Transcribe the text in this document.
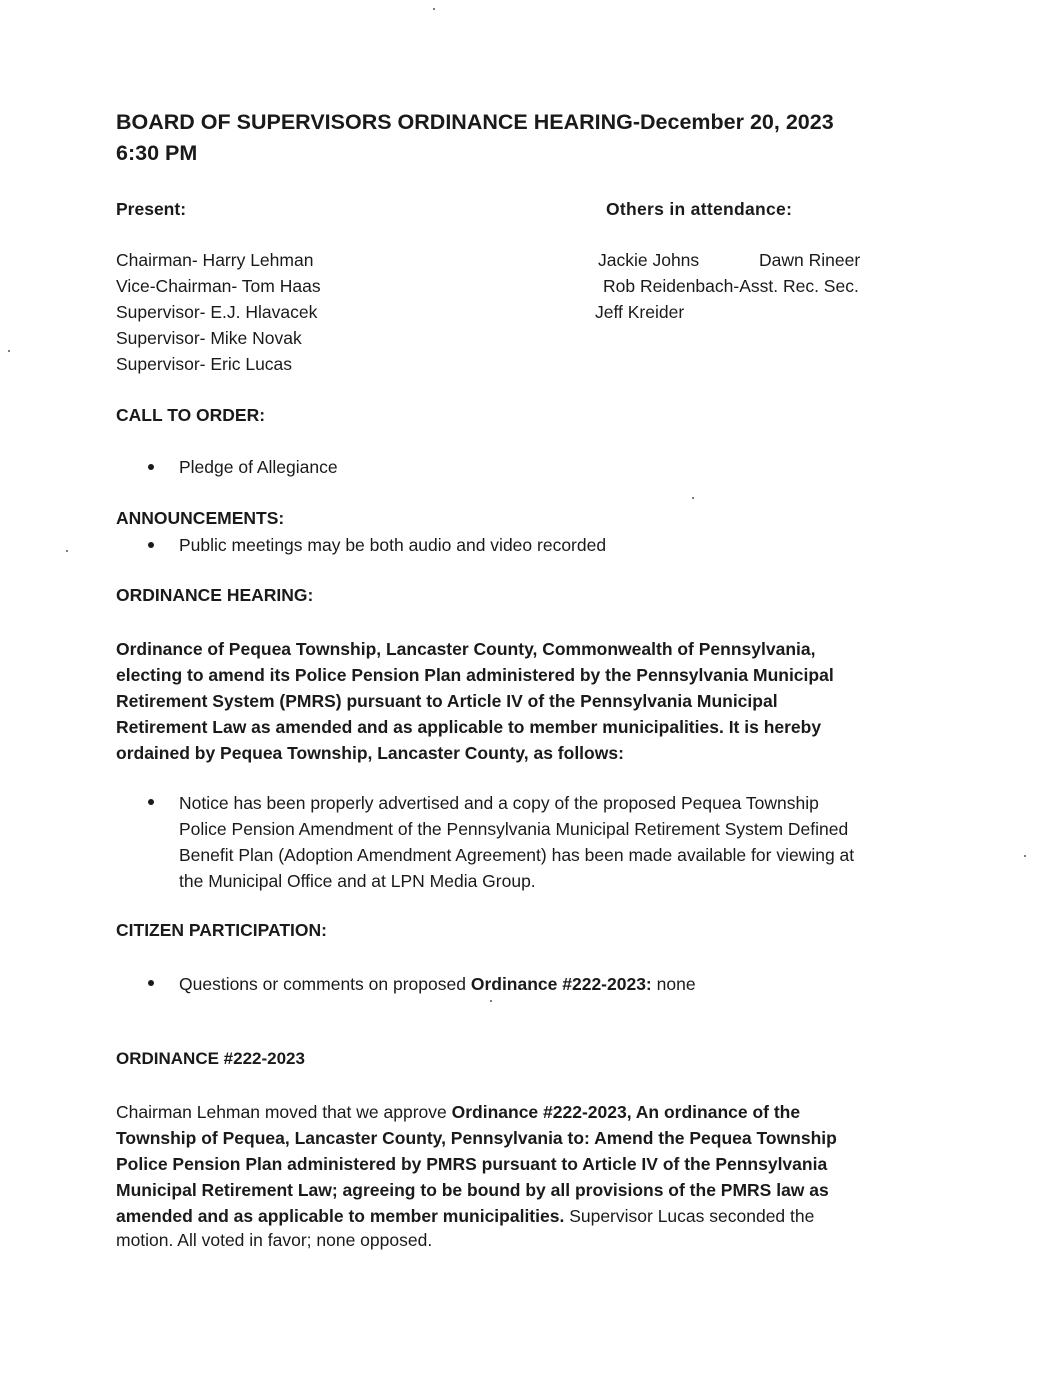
BOARD OF SUPERVISORS ORDINANCE HEARING-December 20, 2023
6:30 PM
Present:
Chairman- Harry Lehman
Vice-Chairman- Tom Haas
Supervisor- E.J. Hlavacek
Supervisor- Mike Novak
Supervisor- Eric Lucas
Others in attendance:
Jackie Johns	Dawn Rineer
Rob Reidenbach-Asst. Rec. Sec.
Jeff Kreider
CALL TO ORDER:
Pledge of Allegiance
ANNOUNCEMENTS:
Public meetings may be both audio and video recorded
ORDINANCE HEARING:
Ordinance of Pequea Township, Lancaster County, Commonwealth of Pennsylvania,
electing to amend its Police Pension Plan administered by the Pennsylvania Municipal
Retirement System (PMRS) pursuant to Article IV of the Pennsylvania Municipal
Retirement Law as amended and as applicable to member municipalities. It is hereby
ordained by Pequea Township, Lancaster County, as follows:
Notice has been properly advertised and a copy of the proposed Pequea Township
Police Pension Amendment of the Pennsylvania Municipal Retirement System Defined
Benefit Plan (Adoption Amendment Agreement) has been made available for viewing at
the Municipal Office and at LPN Media Group.
CITIZEN PARTICIPATION:
Questions or comments on proposed Ordinance #222-2023: none
ORDINANCE #222-2023
Chairman Lehman moved that we approve Ordinance #222-2023, An ordinance of the
Township of Pequea, Lancaster County, Pennsylvania to: Amend the Pequea Township
Police Pension Plan administered by PMRS pursuant to Article IV of the Pennsylvania
Municipal Retirement Law; agreeing to be bound by all provisions of the PMRS law as
amended and as applicable to member municipalities. Supervisor Lucas seconded the
motion. All voted in favor; none opposed.
